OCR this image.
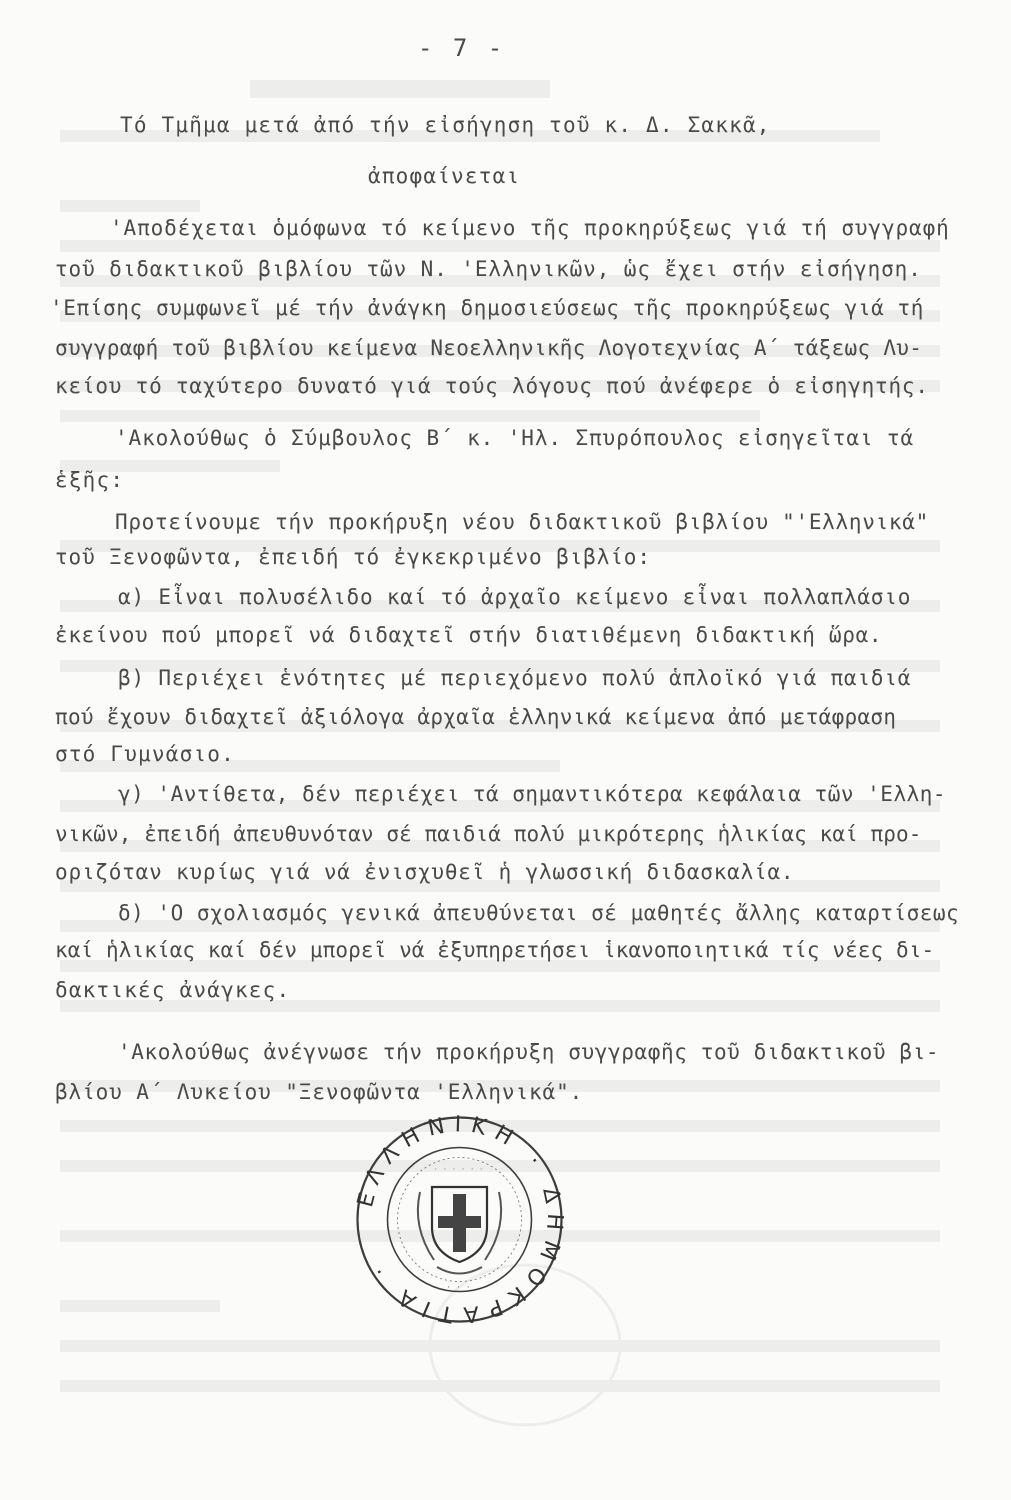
- 7 -
Τό Τμῆμα μετά ἀπό τήν εἰσήγηση τοῦ κ. Δ. Σακκᾶ,
ἀποφαίνεται
'Αποδέχεται ὁμόφωνα τό κείμενο τῆς προκηρύξεως γιά τή συγγραφή
τοῦ διδακτικοῦ βιβλίου τῶν Ν. 'Ελληνικῶν, ὡς ἔχει στήν εἰσήγηση.
'Επίσης συμφωνεῖ μέ τήν ἀνάγκη δημοσιεύσεως τῆς προκηρύξεως γιά τή
συγγραφή τοῦ βιβλίου κείμενα Νεοελληνικῆς Λογοτεχνίας Α΄ τάξεως Λυ-
κείου τό ταχύτερο δυνατό γιά τούς λόγους πού ἀνέφερε ὁ εἰσηγητής.
'Ακολούθως ὁ Σύμβουλος Β΄ κ. 'Ηλ. Σπυρόπουλος εἰσηγεῖται τά
ἑξῆς:
Προτείνουμε τήν προκήρυξη νέου διδακτικοῦ βιβλίου "'Ελληνικά"
τοῦ Ξενοφῶντα, ἐπειδή τό ἐγκεκριμένο βιβλίο:
α) Εἶναι πολυσέλιδο καί τό ἀρχαῖο κείμενο εἶναι πολλαπλάσιο
ἐκείνου πού μπορεῖ νά διδαχτεῖ στήν διατιθέμενη διδακτική ὥρα.
β) Περιέχει ἑνότητες μέ περιεχόμενο πολύ ἁπλοϊκό γιά παιδιά
πού ἔχουν διδαχτεῖ ἀξιόλογα ἀρχαῖα ἑλληνικά κείμενα ἀπό μετάφραση
στό Γυμνάσιο.
γ) 'Αντίθετα, δέν περιέχει τά σημαντικότερα κεφάλαια τῶν 'Ελλη-
νικῶν, ἐπειδή ἀπευθυνόταν σέ παιδιά πολύ μικρότερης ἡλικίας καί προ-
οριζόταν κυρίως γιά νά ἐνισχυθεῖ ἡ γλωσσική διδασκαλία.
δ) 'Ο σχολιασμός γενικά ἀπευθύνεται σέ μαθητές ἄλλης καταρτίσεως
καί ἡλικίας καί δέν μπορεῖ νά ἐξυπηρετήσει ἱκανοποιητικά τίς νέες δι-
δακτικές ἀνάγκες.
'Ακολούθως ἀνέγνωσε τήν προκήρυξη συγγραφῆς τοῦ διδακτικοῦ βι-
βλίου Α΄ Λυκείου "Ξενοφῶντα 'Ελληνικά".
ΕΛΛΗΝΙΚΗ · ΔΗΜΟΚΡΑΤΙΑ ·
· · · · · ·
· · ·
